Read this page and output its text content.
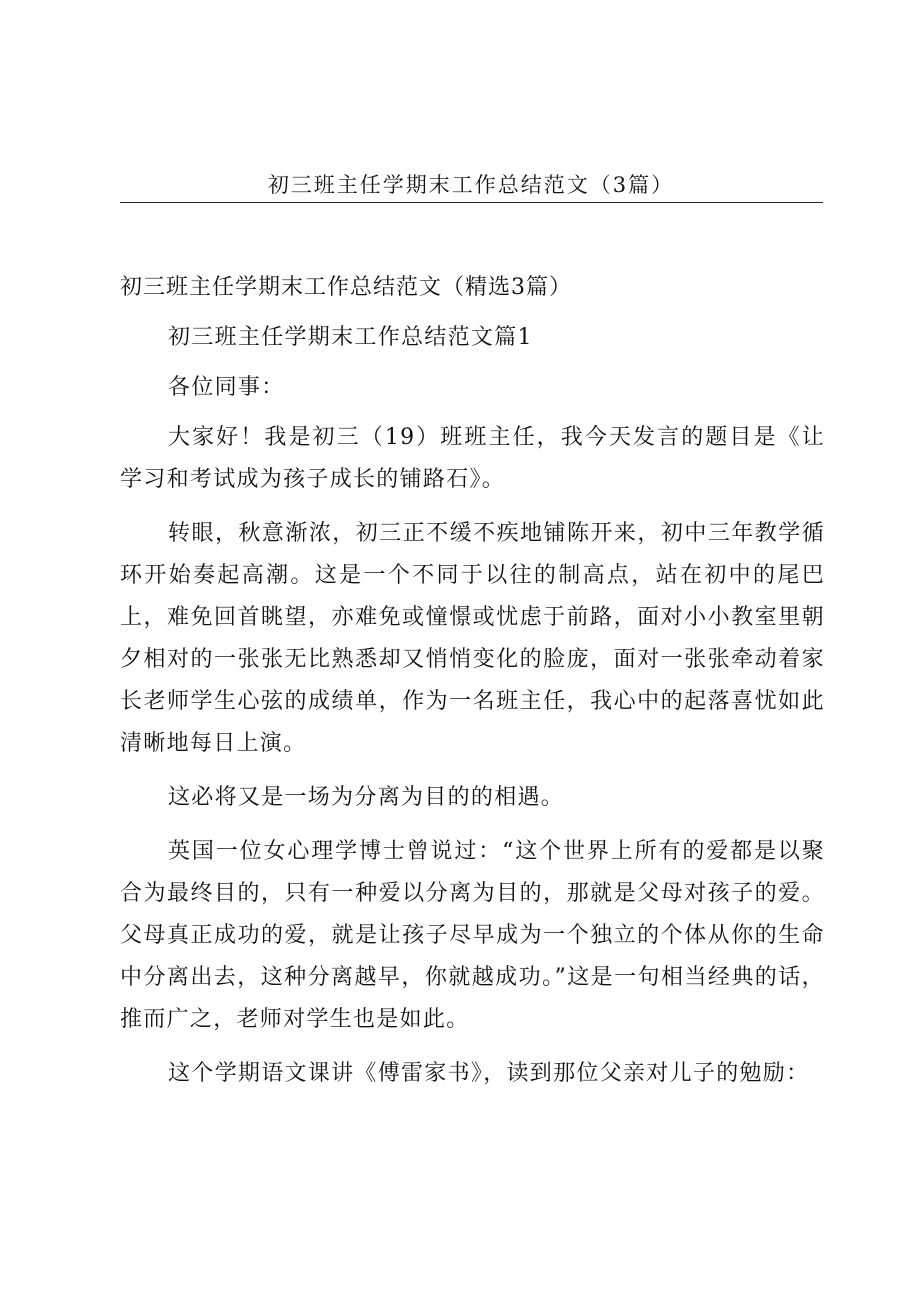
初三班主任学期末工作总结范文（3篇）
初三班主任学期末工作总结范文（精选3篇）

初三班主任学期末工作总结范文篇1

各位同事：

大家好！我是初三（19）班班主任，我今天发言的题目是《让学习和考试成为孩子成长的铺路石》。

转眼，秋意渐浓，初三正不缓不疾地铺陈开来，初中三年教学循环开始奏起高潮。这是一个不同于以往的制高点，站在初中的尾巴上，难免回首眺望，亦难免或憧憬或忧虑于前路，面对小小教室里朝夕相对的一张张无比熟悉却又悄悄变化的脸庞，面对一张张牵动着家长老师学生心弦的成绩单，作为一名班主任，我心中的起落喜忧如此清晰地每日上演。

这必将又是一场为分离为目的的相遇。

英国一位女心理学博士曾说过：“这个世界上所有的爱都是以聚合为最终目的，只有一种爱以分离为目的，那就是父母对孩子的爱。父母真正成功的爱，就是让孩子尽早成为一个独立的个体从你的生命中分离出去，这种分离越早，你就越成功。”这是一句相当经典的话，推而广之，老师对学生也是如此。

这个学期语文课讲《傅雷家书》，读到那位父亲对儿子的勉励：
